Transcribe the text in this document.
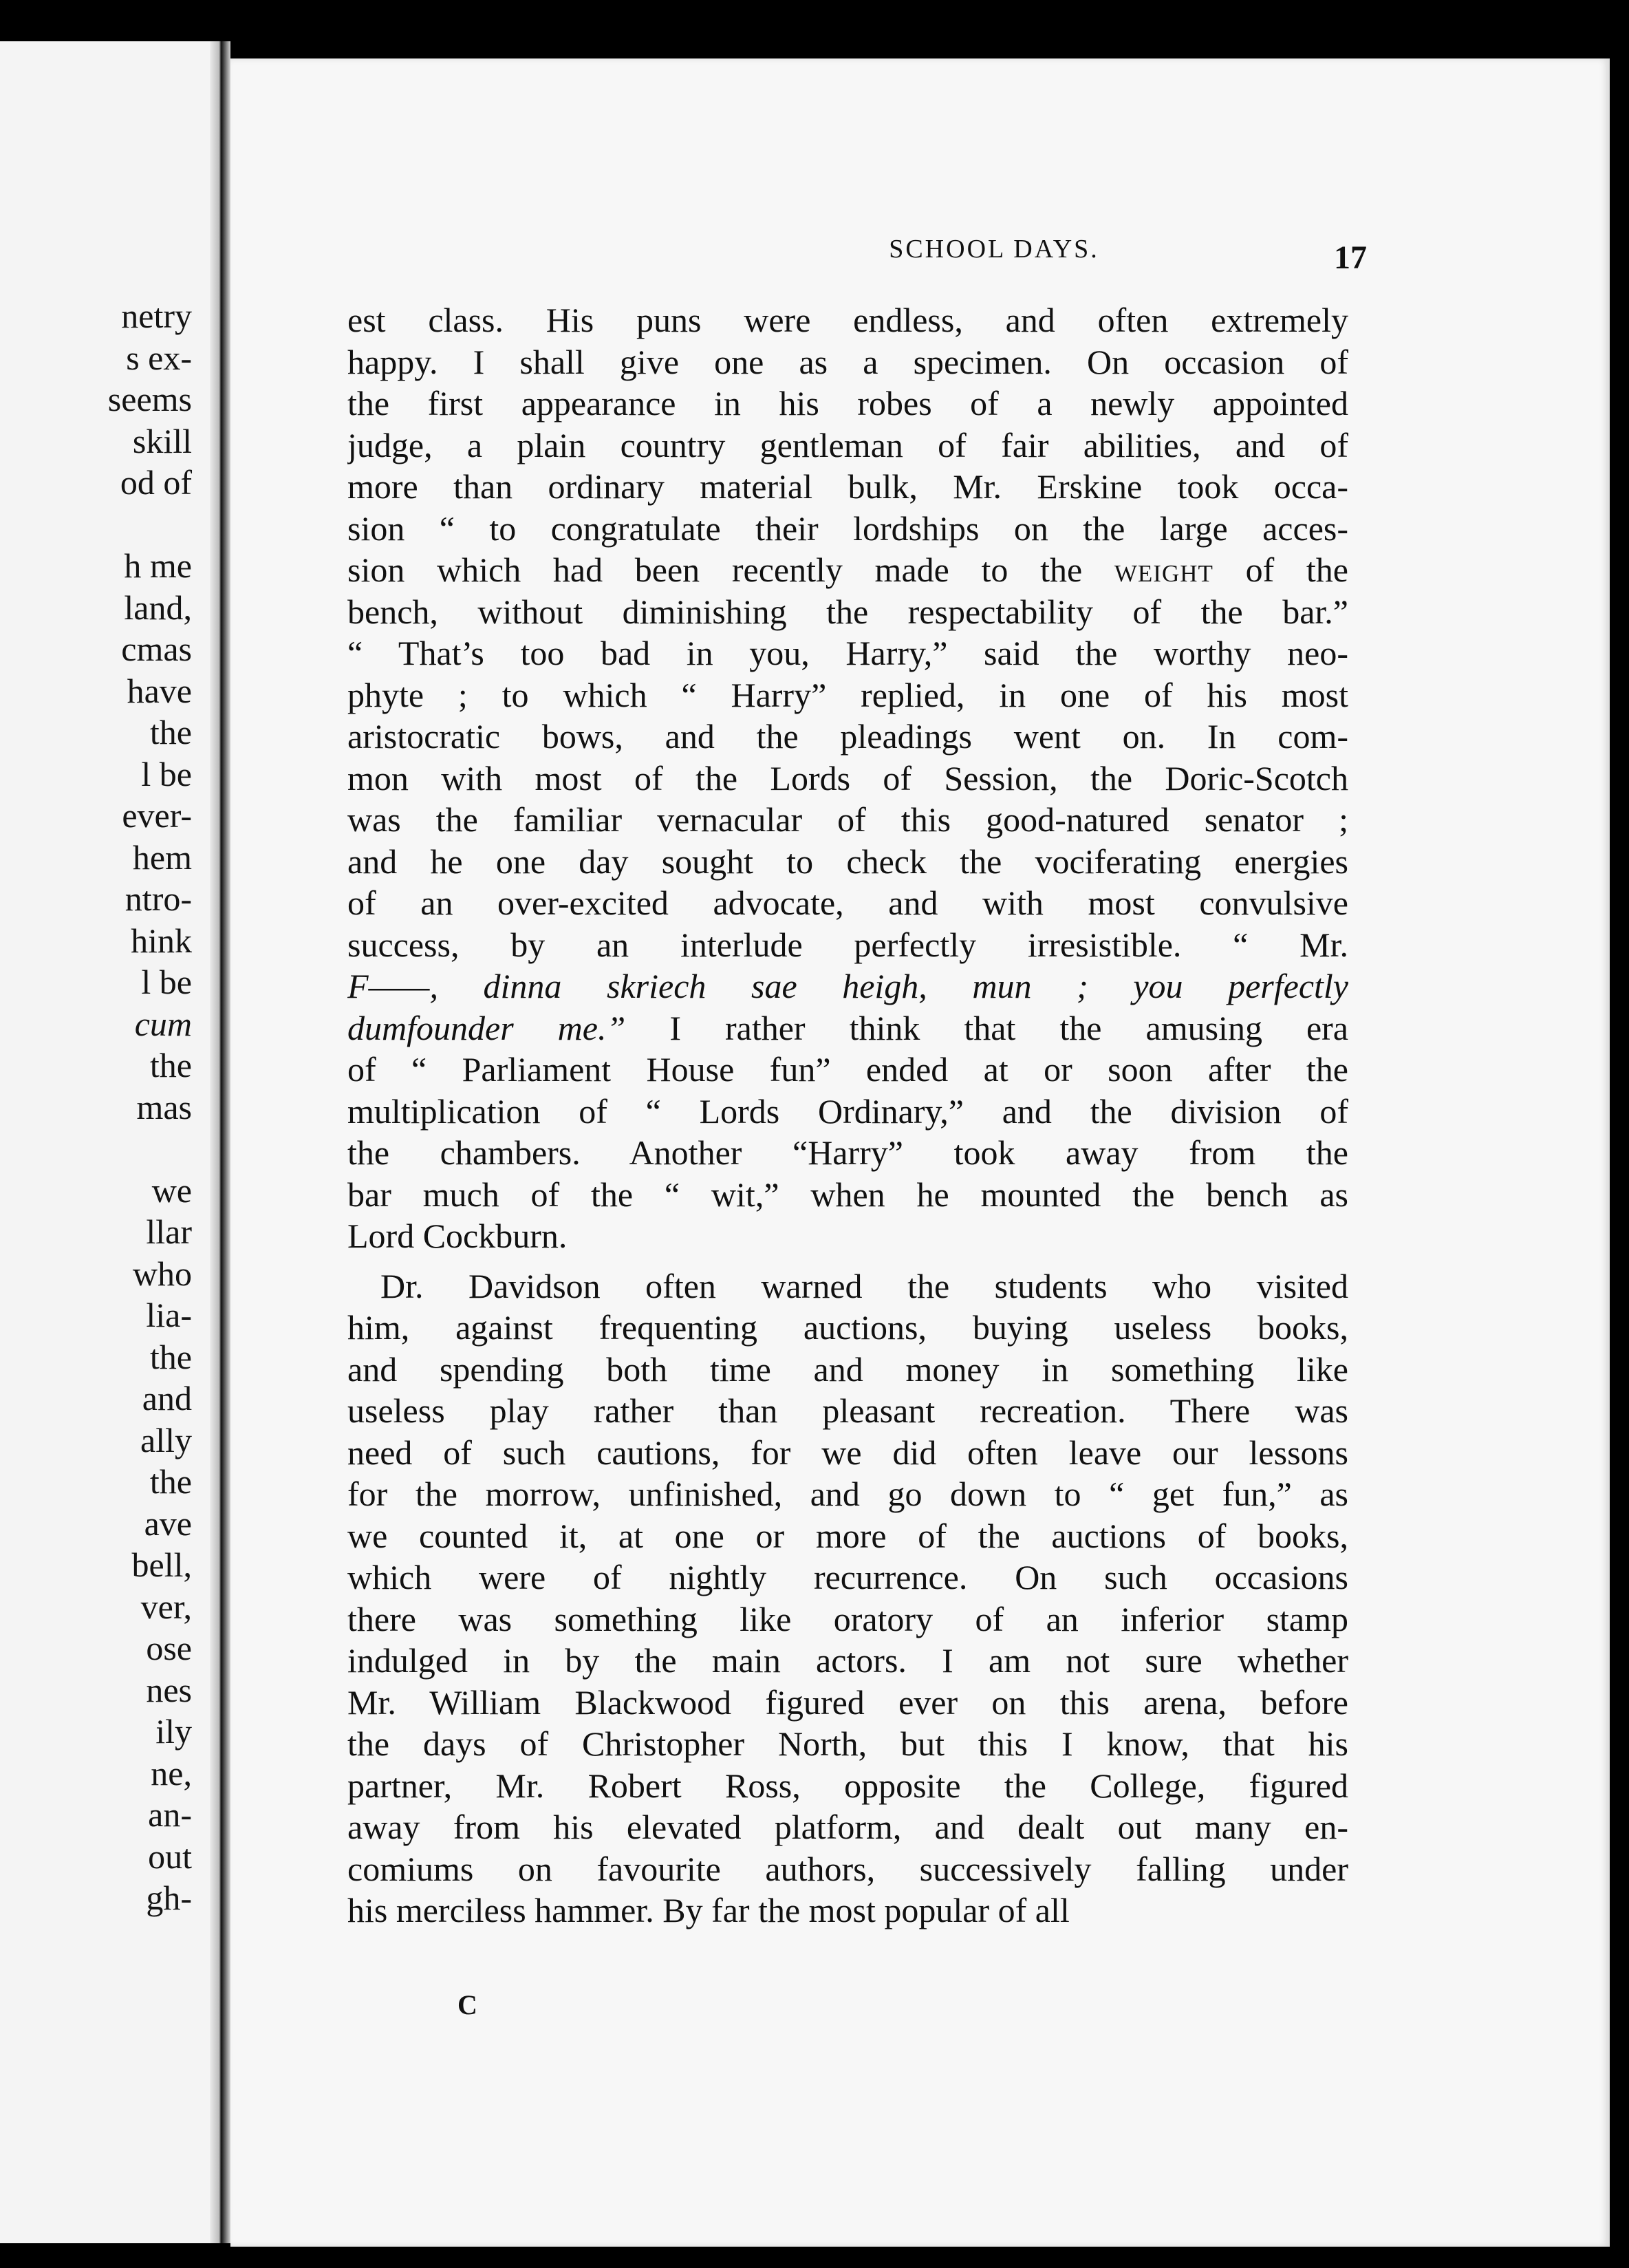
netry
s ex-
seems
skill
od of
h me
land,
cmas
have
the
l be
ever-
hem
ntro-
hink
l be
cum
the
mas
we
llar
who
lia-
the
and
ally
the
ave
bell,
ver,
ose
nes
ily
ne,
an-
out
gh-
SCHOOL DAYS.	17
est class. His puns were endless, and often extremely
happy. I shall give one as a specimen. On occasion of
the first appearance in his robes of a newly appointed
judge, a plain country gentleman of fair abilities, and of
more than ordinary material bulk, Mr. Erskine took occa-
sion “ to congratulate their lordships on the large acces-
sion which had been recently made to the weight of the
bench, without diminishing the respectability of the bar.”
“ That’s too bad in you, Harry,” said the worthy neo-
phyte ; to which “ Harry” replied, in one of his most
aristocratic bows, and the pleadings went on. In com-
mon with most of the Lords of Session, the Doric-Scotch
was the familiar vernacular of this good-natured senator ;
and he one day sought to check the vociferating energies
of an over-excited advocate, and with most convulsive
success, by an interlude perfectly irresistible. “ Mr.
F——, dinna skriech sae heigh, mun ; you perfectly
dumfounder me.” I rather think that the amusing era
of “ Parliament House fun” ended at or soon after the
multiplication of “ Lords Ordinary,” and the division of
the chambers. Another “Harry” took away from the
bar much of the “ wit,” when he mounted the bench as
Lord Cockburn.
Dr. Davidson often warned the students who visited
him, against frequenting auctions, buying useless books,
and spending both time and money in something like
useless play rather than pleasant recreation. There was
need of such cautions, for we did often leave our lessons
for the morrow, unfinished, and go down to “ get fun,” as
we counted it, at one or more of the auctions of books,
which were of nightly recurrence. On such occasions
there was something like oratory of an inferior stamp
indulged in by the main actors. I am not sure whether
Mr. William Blackwood figured ever on this arena, before
the days of Christopher North, but this I know, that his
partner, Mr. Robert Ross, opposite the College, figured
away from his elevated platform, and dealt out many en-
comiums on favourite authors, successively falling under
his merciless hammer. By far the most popular of all
C
